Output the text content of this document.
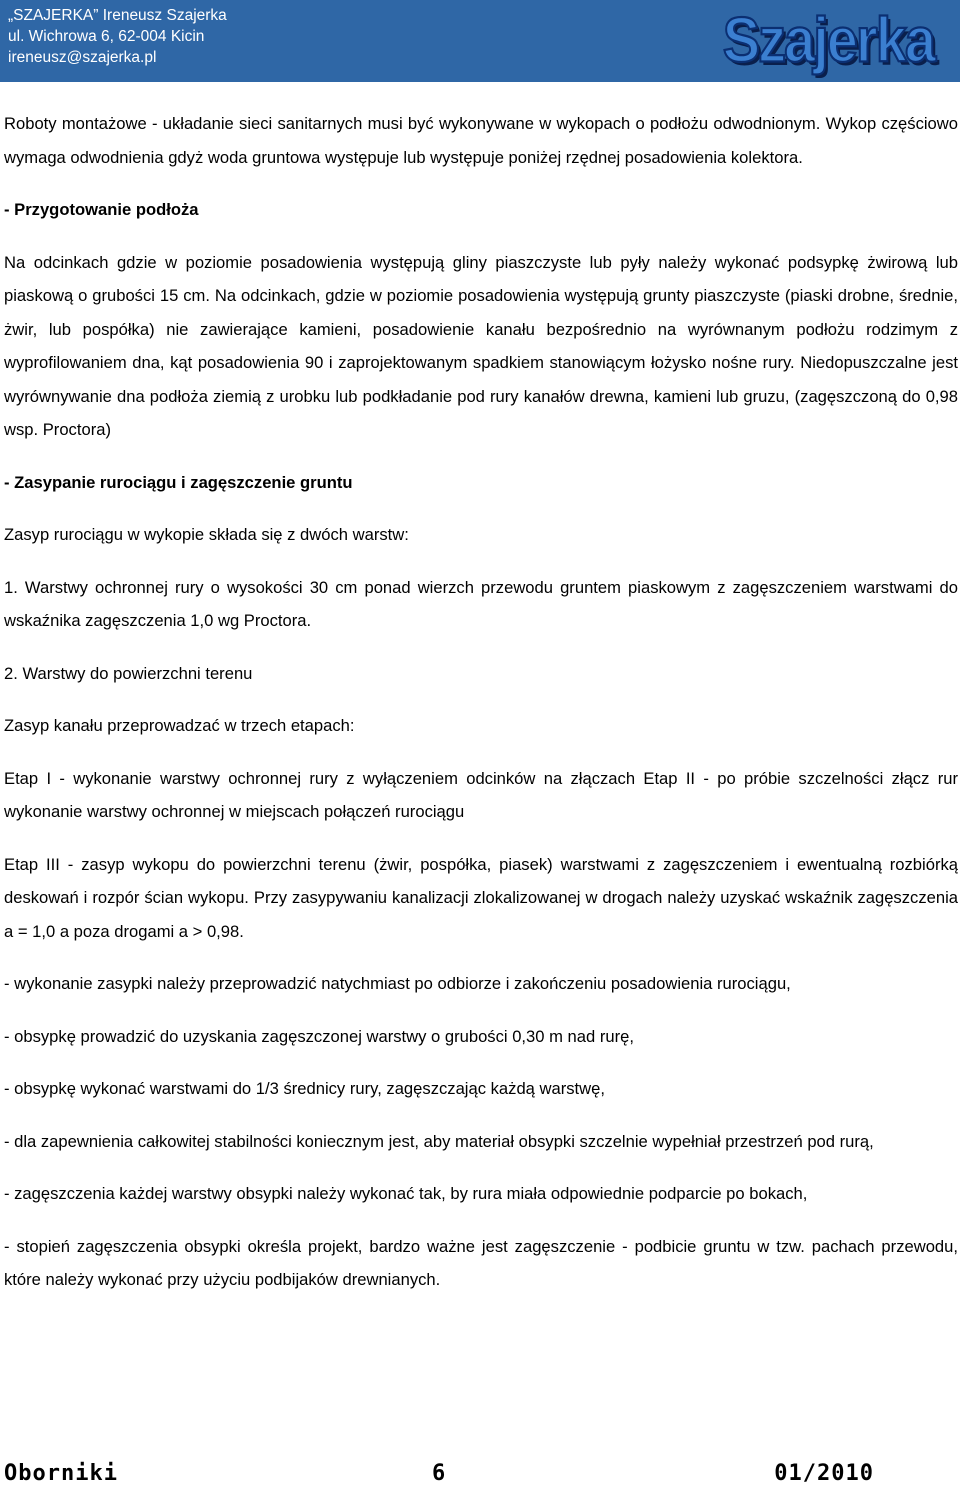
„SZAJERKA” Ireneusz Szajerka
ul. Wichrowa 6, 62-004 Kicin
ireneusz@szajerka.pl	Szajerka

Roboty montażowe - układanie sieci sanitarnych musi być wykonywane w wykopach o podłożu odwodnionym. Wykop częściowo wymaga odwodnienia gdyż woda gruntowa występuje lub występuje poniżej rzędnej posadowienia kolektora.

- Przygotowanie podłoża

Na odcinkach gdzie w poziomie posadowienia występują gliny piaszczyste lub pyły należy wykonać podsypkę żwirową lub piaskową o grubości 15 cm. Na odcinkach, gdzie w poziomie posadowienia występują grunty piaszczyste (piaski drobne, średnie, żwir, lub pospółka) nie zawierające kamieni, posadowienie kanału bezpośrednio na wyrównanym podłożu rodzimym z wyprofilowaniem dna, kąt posadowienia 90 i zaprojektowanym spadkiem stanowiącym łożysko nośne rury. Niedopuszczalne jest wyrównywanie dna podłoża ziemią z urobku lub podkładanie pod rury kanałów drewna, kamieni lub gruzu, (zagęszczoną do 0,98 wsp. Proctora)

- Zasypanie rurociągu i zagęszczenie gruntu

Zasyp rurociągu w wykopie składa się z dwóch warstw:

1. Warstwy ochronnej rury o wysokości 30 cm ponad wierzch przewodu gruntem piaskowym z zagęszczeniem warstwami do wskaźnika zagęszczenia 1,0 wg Proctora.

2. Warstwy do powierzchni terenu

Zasyp kanału przeprowadzać w trzech etapach:

Etap I - wykonanie warstwy ochronnej rury z wyłączeniem odcinków na złączach Etap II - po próbie szczelności złącz rur wykonanie warstwy ochronnej w miejscach połączeń rurociągu

Etap III - zasyp wykopu do powierzchni terenu (żwir, pospółka, piasek) warstwami z zagęszczeniem i ewentualną rozbiórką deskowań i rozpór ścian wykopu. Przy zasypywaniu kanalizacji zlokalizowanej w drogach należy uzyskać wskaźnik zagęszczenia a = 1,0 a poza drogami a > 0,98.

- wykonanie zasypki należy przeprowadzić natychmiast po odbiorze i zakończeniu posadowienia rurociągu,

- obsypkę prowadzić do uzyskania zagęszczonej warstwy o grubości 0,30 m nad rurę,

- obsypkę wykonać warstwami do 1/3 średnicy rury, zagęszczając każdą warstwę,

- dla zapewnienia całkowitej stabilności koniecznym jest, aby materiał obsypki szczelnie wypełniał przestrzeń pod rurą,

- zagęszczenia każdej warstwy obsypki należy wykonać tak, by rura miała odpowiednie podparcie po bokach,

- stopień zagęszczenia obsypki określa projekt, bardzo ważne jest zagęszczenie - podbicie gruntu w tzw. pachach przewodu, które należy wykonać przy użyciu podbijaków drewnianych.

Oborniki	6	01/2010
